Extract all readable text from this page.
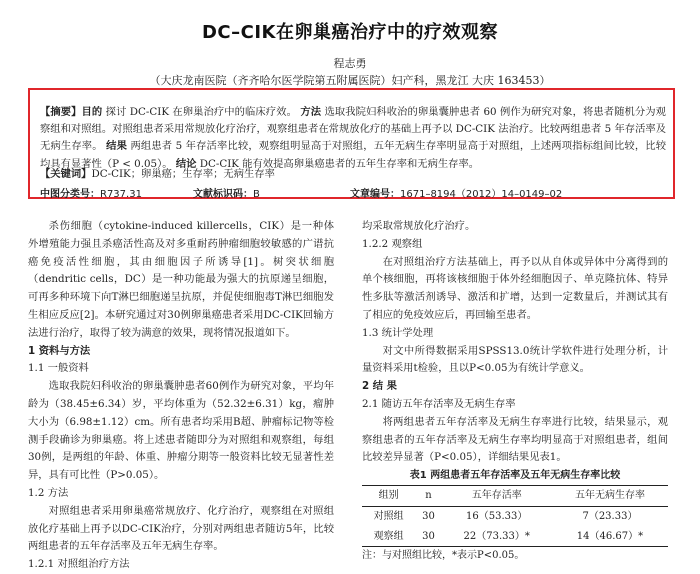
DC–CIK在卵巢癌治疗中的疗效观察
程志勇
（大庆龙南医院（齐齐哈尔医学院第五附属医院）妇产科，黑龙江 大庆 163453）
【摘要】目的 探讨 DC-CIK 在卵巢治疗中的临床疗效。 方法 选取我院妇科收治的卵巢囊肿患者 60 例作为研究对象，将患者随机分为观察组和对照组。对照组患者采用常规放化疗治疗，观察组患者在常规放化疗的基础上再予以 DC-CIK 法治疗。比较两组患者 5 年存活率及无病生存率。 结果 两组患者 5 年存活率比较，观察组明显高于对照组，五年无病生存率明显高于对照组，上述两项指标组间比较，比较均具有显著性（P < 0.05）。 结论 DC-CIK 能有效提高卵巢癌患者的五年生存率和无病生存率。
【关键词】DC-CIK；卵巢癌；生存率；无病生存率
中图分类号：R737.31	文献标识码：B	文章编号：1671–8194（2012）14–0149–02

杀伤细胞（cytokine-induced killercells，CIK）是一种体外增殖能力强且杀癌活性高及对多重耐药肿瘤细胞较敏感的广谱抗癌免疫活性细胞，其由细胞因子所诱导[1]。树突状细胞（dendritic cells，DC）是一种功能最为强大的抗原递呈细胞，可再多种环境下向T淋巴细胞递呈抗原，并促使细胞毒T淋巴细胞发生相应反应[2]。本研究通过对30例卵巢癌患者采用DC-CIK回输方法进行治疗，取得了较为满意的效果，现将情况报道如下。

1 资料与方法

1.1 一般资料

选取我院妇科收治的卵巢囊肿患者60例作为研究对象，平均年龄为（38.45±6.34）岁，平均体重为（52.32±6.31）kg，瘤肿大小为（6.98±1.12）cm。所有患者均采用B超、肿瘤标记物等检测手段确诊为卵巢癌。将上述患者随即分为对照组和观察组，每组30例，是两组的年龄、体重、肿瘤分期等一般资料比较无显著性差异，具有可比性（P>0.05）。

1.2 方法

对照组患者采用卵巢癌常规放疗、化疗治疗，观察组在对照组放化疗基础上再予以DC-CIK治疗，分别对两组患者随访5年，比较两组患者的五年存活率及五年无病生存率。

1.2.1 对照组治疗方法

均采取常规放化疗治疗。

1.2.2 观察组

在对照组治疗方法基础上，再予以从自体或异体中分离得到的单个核细胞，再将该核细胞于体外经细胞因子、单克隆抗体、特异性多肽等激活剂诱导、激活和扩增，达到一定数量后，并测试其有了相应的免疫效应后，再回输至患者。

1.3 统计学处理

对文中所得数据采用SPSS13.0统计学软件进行处理分析，计量资料采用t检验，且以P<0.05为有统计学意义。

2 结 果

2.1 随访五年存活率及无病生存率

将两组患者五年存活率及无病生存率进行比较，结果显示，观察组患者的五年存活率及无病生存率均明显高于对照组患者，组间比较差异显著（P<0.05），详细结果见表1。

表1 两组患者五年存活率及五年无病生存率比较
组别	n	五年存活率	五年无病生存率
对照组	30	16（53.33）	7（23.33）
观察组	30	22（73.33）*	14（46.67）*

注：与对照组比较，*表示P<0.05。
